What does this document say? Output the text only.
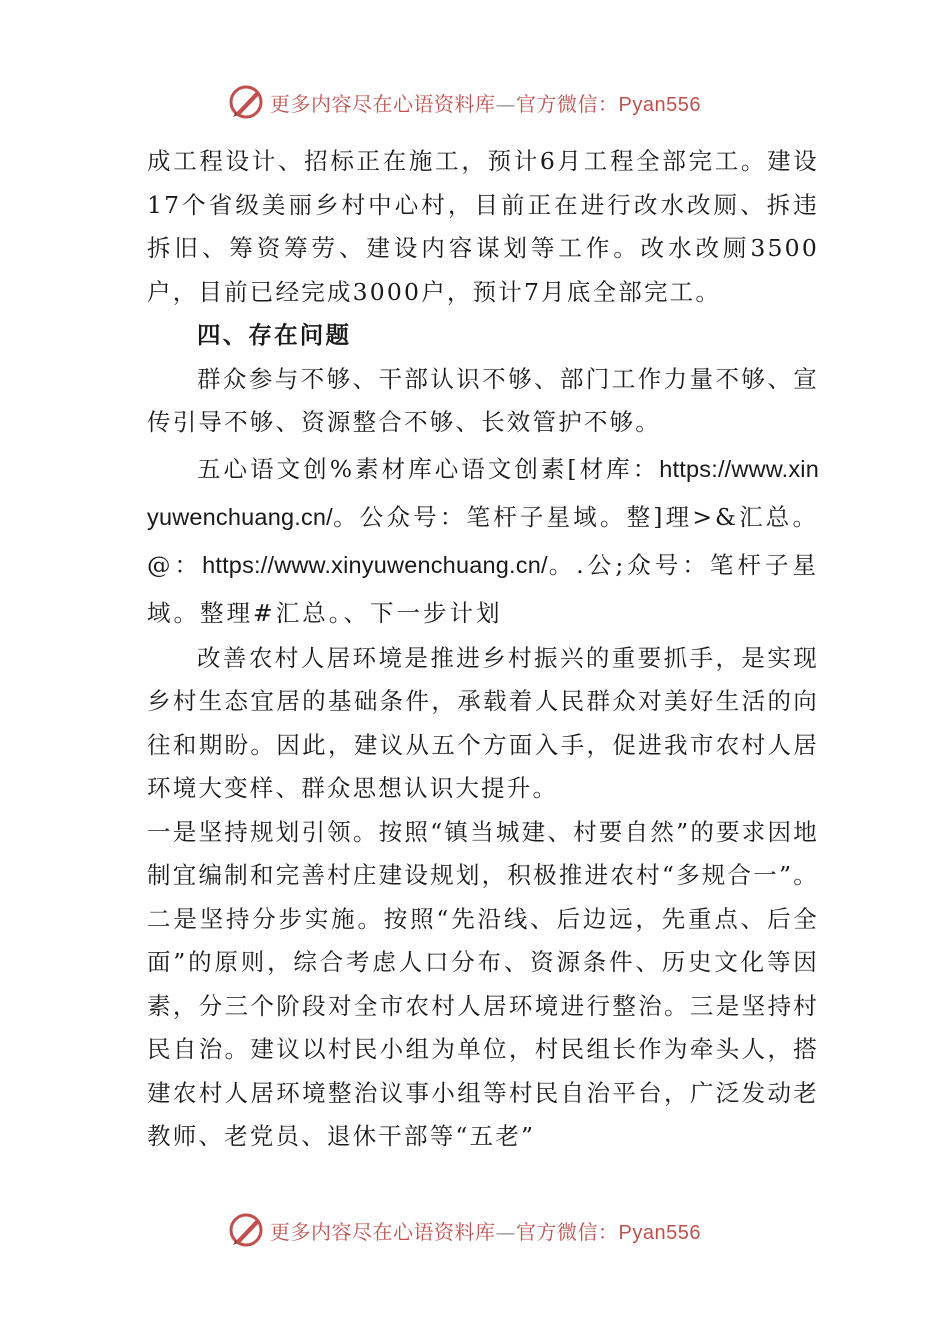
更多内容尽在心语资料库—官方微信：Pyan556

成工程设计、招标正在施工，预计6月工程全部完工。建设17个省级美丽乡村中心村，目前正在进行改水改厕、拆违拆旧、筹资筹劳、建设内容谋划等工作。改水改厕3500户，目前已经完成3000户，预计7月底全部完工。

四、存在问题

群众参与不够、干部认识不够、部门工作力量不够、宣传引导不够、资源整合不够、长效管护不够。

五心语文创%素材库心语文创素[材库：https://www.xinyuwenchuang.cn/。公众号：笔杆子星域。整]理>&汇总。@：https://www.xinyuwenchuang.cn/。.公;众号：笔杆子星域。整理#汇总。、下一步计划

改善农村人居环境是推进乡村振兴的重要抓手，是实现乡村生态宜居的基础条件，承载着人民群众对美好生活的向往和期盼。因此，建议从五个方面入手，促进我市农村人居环境大变样、群众思想认识大提升。

一是坚持规划引领。按照“镇当城建、村要自然”的要求因地制宜编制和完善村庄建设规划，积极推进农村“多规合一”。二是坚持分步实施。按照“先沿线、后边远，先重点、后全面”的原则，综合考虑人口分布、资源条件、历史文化等因素，分三个阶段对全市农村人居环境进行整治。三是坚持村民自治。建议以村民小组为单位，村民组长作为牵头人，搭建农村人居环境整治议事小组等村民自治平台，广泛发动老教师、老党员、退休干部等“五老”

更多内容尽在心语资料库—官方微信：Pyan556
